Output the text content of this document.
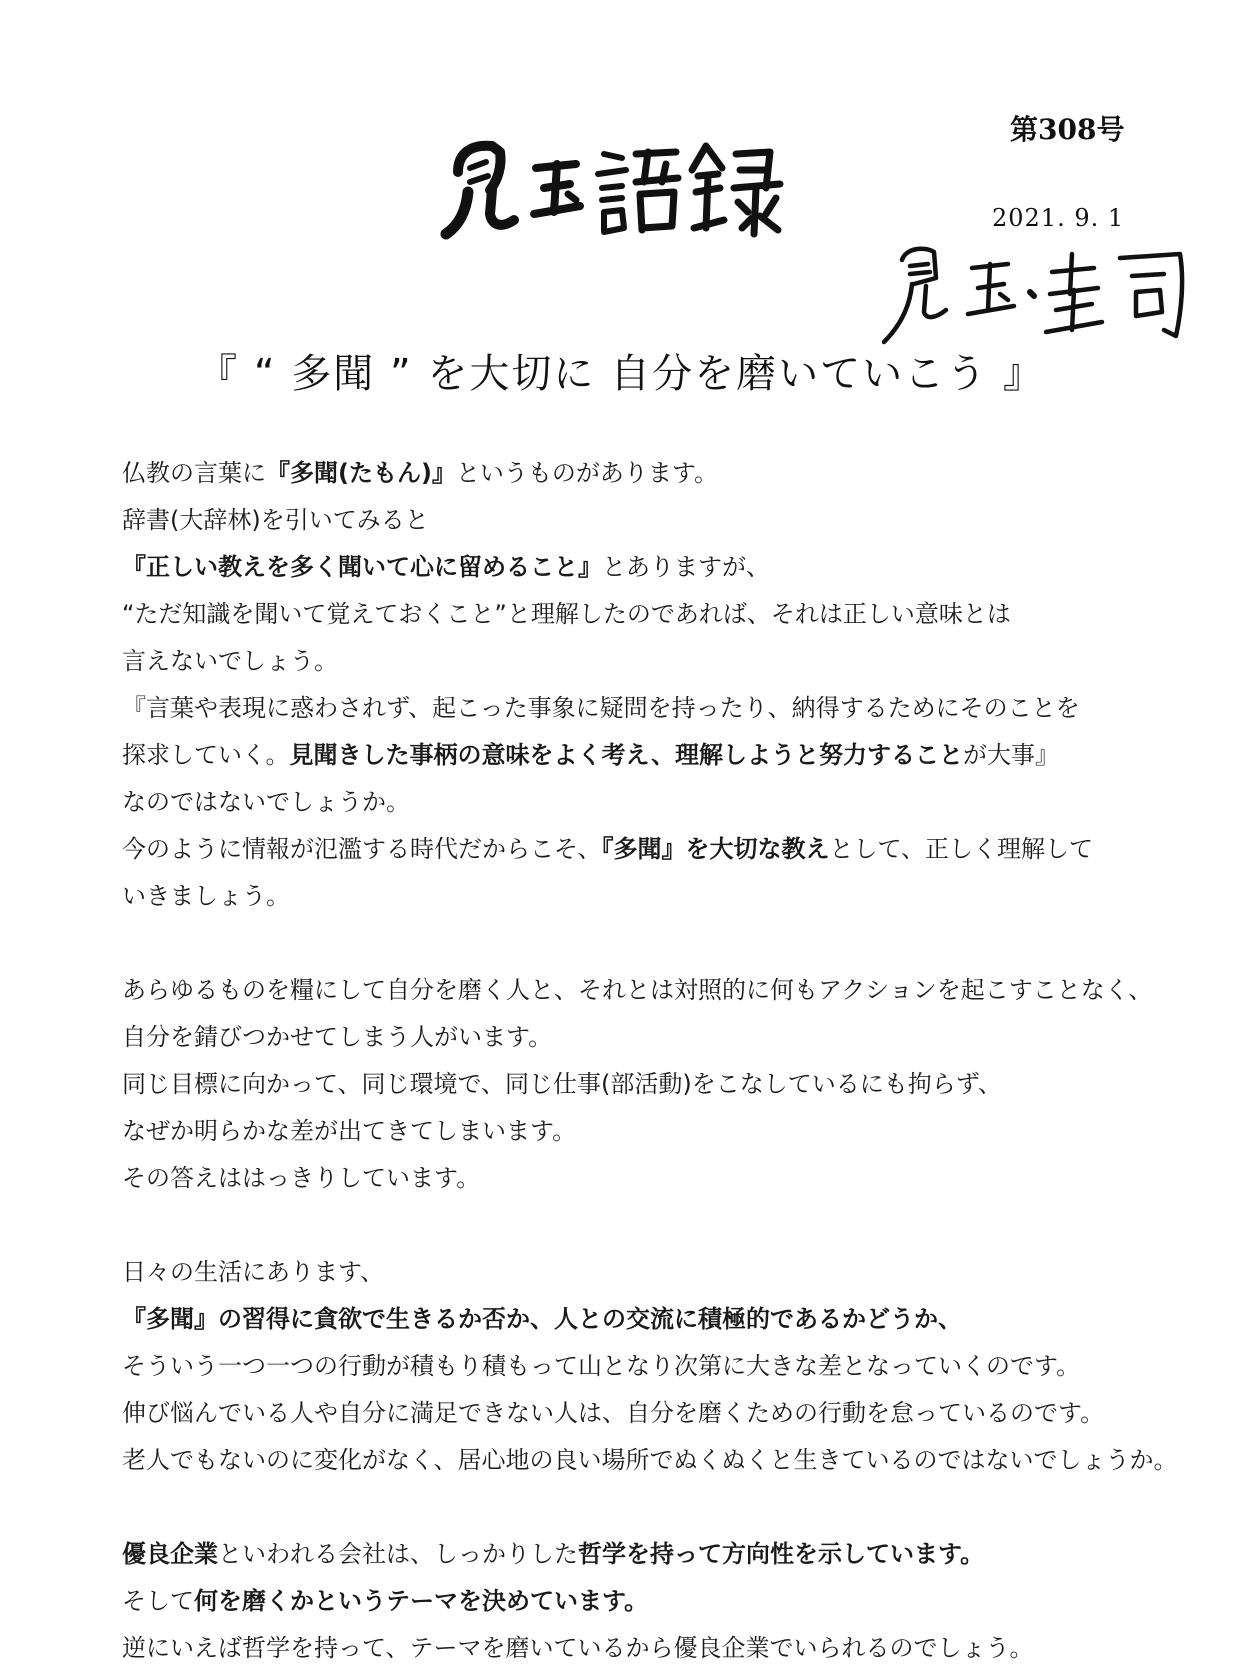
第308号
2021. 9. 1
『 “ 多聞 ” を大切に 自分を磨いていこう 』
仏教の言葉に『多聞(たもん)』というものがあります。
辞書(大辞林)を引いてみると
『正しい教えを多く聞いて心に留めること』とありますが、
“ただ知識を聞いて覚えておくこと”と理解したのであれば、それは正しい意味とは
言えないでしょう。
『言葉や表現に惑わされず、起こった事象に疑問を持ったり、納得するためにそのことを
探求していく。見聞きした事柄の意味をよく考え、理解しようと努力することが大事』
なのではないでしょうか。
今のように情報が氾濫する時代だからこそ、『多聞』を大切な教えとして、正しく理解して
いきましょう。
あらゆるものを糧にして自分を磨く人と、それとは対照的に何もアクションを起こすことなく、
自分を錆びつかせてしまう人がいます。
同じ目標に向かって、同じ環境で、同じ仕事(部活動)をこなしているにも拘らず、
なぜか明らかな差が出てきてしまいます。
その答えははっきりしています。
日々の生活にあります、
『多聞』の習得に貪欲で生きるか否か、人との交流に積極的であるかどうか、
そういう一つ一つの行動が積もり積もって山となり次第に大きな差となっていくのです。
伸び悩んでいる人や自分に満足できない人は、自分を磨くための行動を怠っているのです。
老人でもないのに変化がなく、居心地の良い場所でぬくぬくと生きているのではないでしょうか。
優良企業といわれる会社は、しっかりした哲学を持って方向性を示しています。
そして何を磨くかというテーマを決めています。
逆にいえば哲学を持って、テーマを磨いているから優良企業でいられるのでしょう。
